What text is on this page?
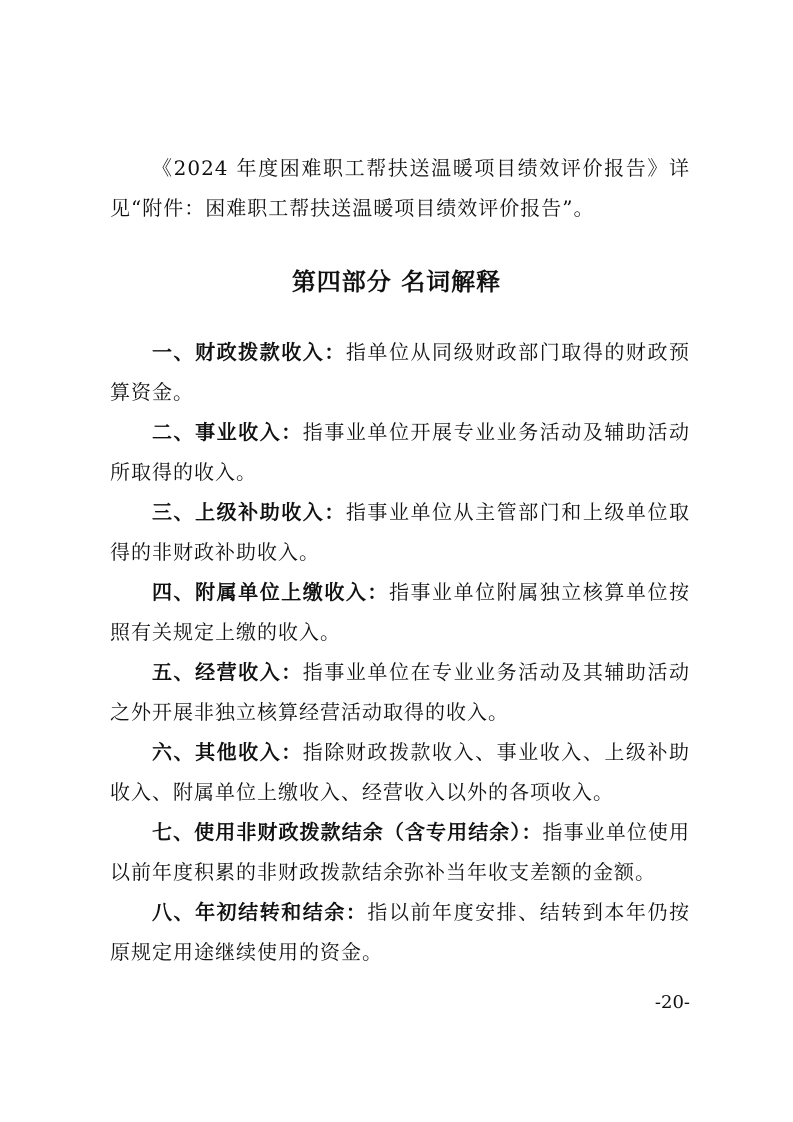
《2024 年度困难职工帮扶送温暖项目绩效评价报告》详见“附件：困难职工帮扶送温暖项目绩效评价报告”。

第四部分 名词解释

一、财政拨款收入：指单位从同级财政部门取得的财政预算资金。

二、事业收入：指事业单位开展专业业务活动及辅助活动所取得的收入。

三、上级补助收入：指事业单位从主管部门和上级单位取得的非财政补助收入。

四、附属单位上缴收入：指事业单位附属独立核算单位按照有关规定上缴的收入。

五、经营收入：指事业单位在专业业务活动及其辅助活动之外开展非独立核算经营活动取得的收入。

六、其他收入：指除财政拨款收入、事业收入、上级补助收入、附属单位上缴收入、经营收入以外的各项收入。

七、使用非财政拨款结余（含专用结余）：指事业单位使用以前年度积累的非财政拨款结余弥补当年收支差额的金额。

八、年初结转和结余：指以前年度安排、结转到本年仍按原规定用途继续使用的资金。

-20-
